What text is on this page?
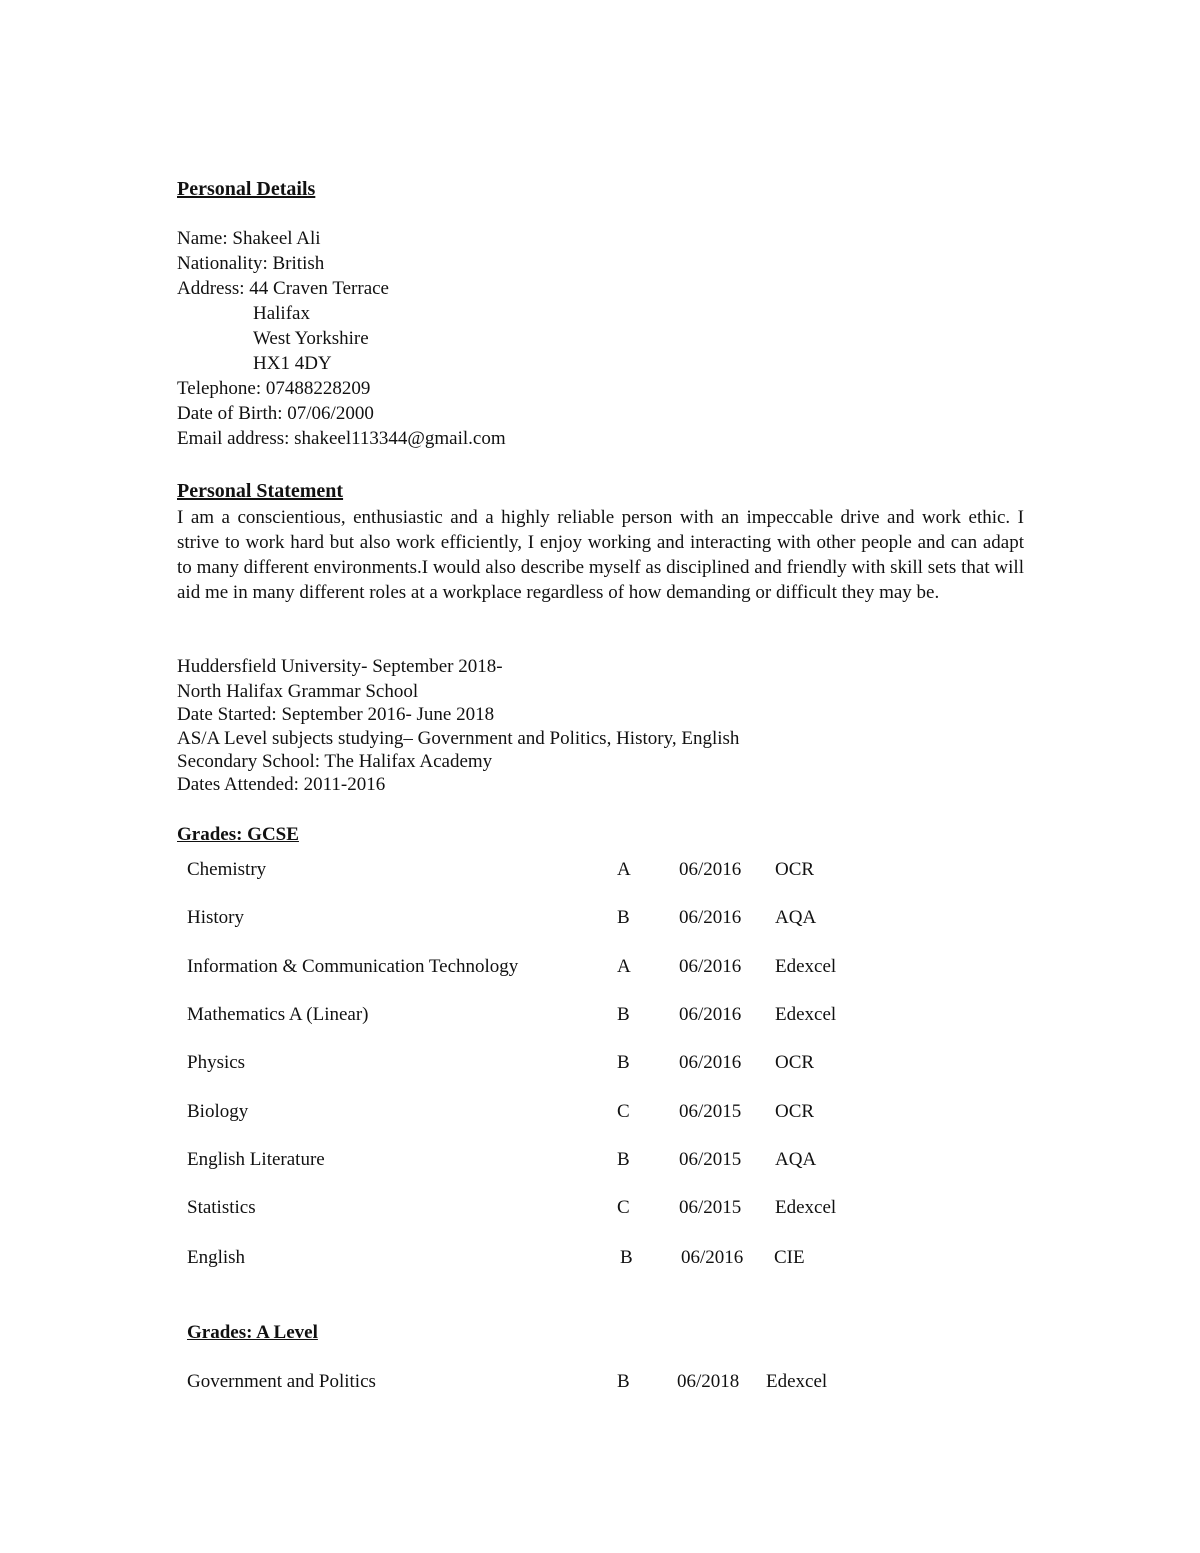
Personal Details
Name: Shakeel Ali
Nationality: British
Address: 44 Craven Terrace
Halifax
West Yorkshire
HX1 4DY
Telephone: 07488228209
Date of Birth: 07/06/2000
Email address: shakeel113344@gmail.com
Personal Statement
I am a conscientious, enthusiastic and a highly reliable person with an impeccable drive and work ethic. I strive to work hard but also work efficiently, I enjoy working and interacting with other people and can adapt to many different environments.I would also describe myself as disciplined and friendly with skill sets that will aid me in many different roles at a workplace regardless of how demanding or difficult they may be.
Huddersfield University- September 2018-
North Halifax Grammar School
Date Started: September 2016- June 2018
AS/A Level subjects studying– Government and Politics, History, English
Secondary School: The Halifax Academy
Dates Attended: 2011-2016
Grades: GCSE
Chemistry	A	06/2016 OCR
History	B	06/2016 AQA
Information & Communication Technology	A	06/2016 Edexcel
Mathematics A (Linear)	B	06/2016 Edexcel
Physics	B	06/2016 OCR
Biology	C	06/2015 OCR
English Literature	B	06/2015 AQA
Statistics	C	06/2015 Edexcel
English	B	06/2016 CIE
Grades: A Level
Government and Politics	B 06/2018 Edexcel
